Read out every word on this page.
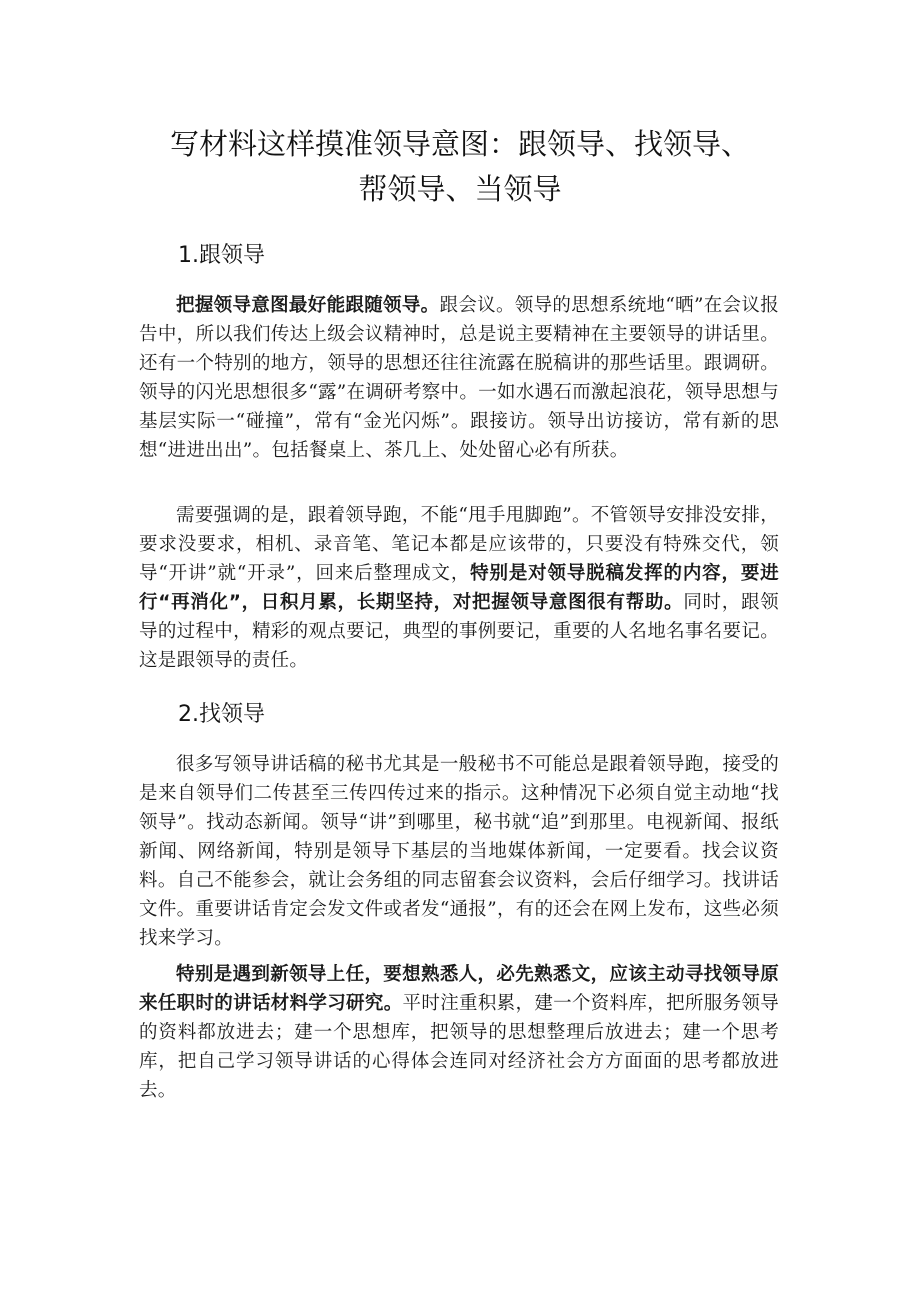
写材料这样摸准领导意图：跟领导、找领导、
帮领导、当领导
1.跟领导

把握领导意图最好能跟随领导。跟会议。领导的思想系统地“晒”在会议报告中，所以我们传达上级会议精神时，总是说主要精神在主要领导的讲话里。还有一个特别的地方，领导的思想还往往流露在脱稿讲的那些话里。跟调研。领导的闪光思想很多“露”在调研考察中。一如水遇石而激起浪花，领导思想与基层实际一“碰撞”，常有“金光闪烁”。跟接访。领导出访接访，常有新的思想“进进出出”。包括餐桌上、茶几上、处处留心必有所获。

需要强调的是，跟着领导跑，不能“甩手甩脚跑”。不管领导安排没安排，要求没要求，相机、录音笔、笔记本都是应该带的，只要没有特殊交代，领导“开讲”就“开录”，回来后整理成文，特别是对领导脱稿发挥的内容，要进行“再消化”，日积月累，长期坚持，对把握领导意图很有帮助。同时，跟领导的过程中，精彩的观点要记，典型的事例要记，重要的人名地名事名要记。这是跟领导的责任。

2.找领导

很多写领导讲话稿的秘书尤其是一般秘书不可能总是跟着领导跑，接受的是来自领导们二传甚至三传四传过来的指示。这种情况下必须自觉主动地“找领导”。找动态新闻。领导“讲”到哪里，秘书就“追”到那里。电视新闻、报纸新闻、网络新闻，特别是领导下基层的当地媒体新闻，一定要看。找会议资料。自己不能参会，就让会务组的同志留套会议资料，会后仔细学习。找讲话文件。重要讲话肯定会发文件或者发“通报”，有的还会在网上发布，这些必须找来学习。

特别是遇到新领导上任，要想熟悉人，必先熟悉文，应该主动寻找领导原来任职时的讲话材料学习研究。平时注重积累，建一个资料库，把所服务领导的资料都放进去；建一个思想库，把领导的思想整理后放进去；建一个思考库，把自己学习领导讲话的心得体会连同对经济社会方方面面的思考都放进去。
